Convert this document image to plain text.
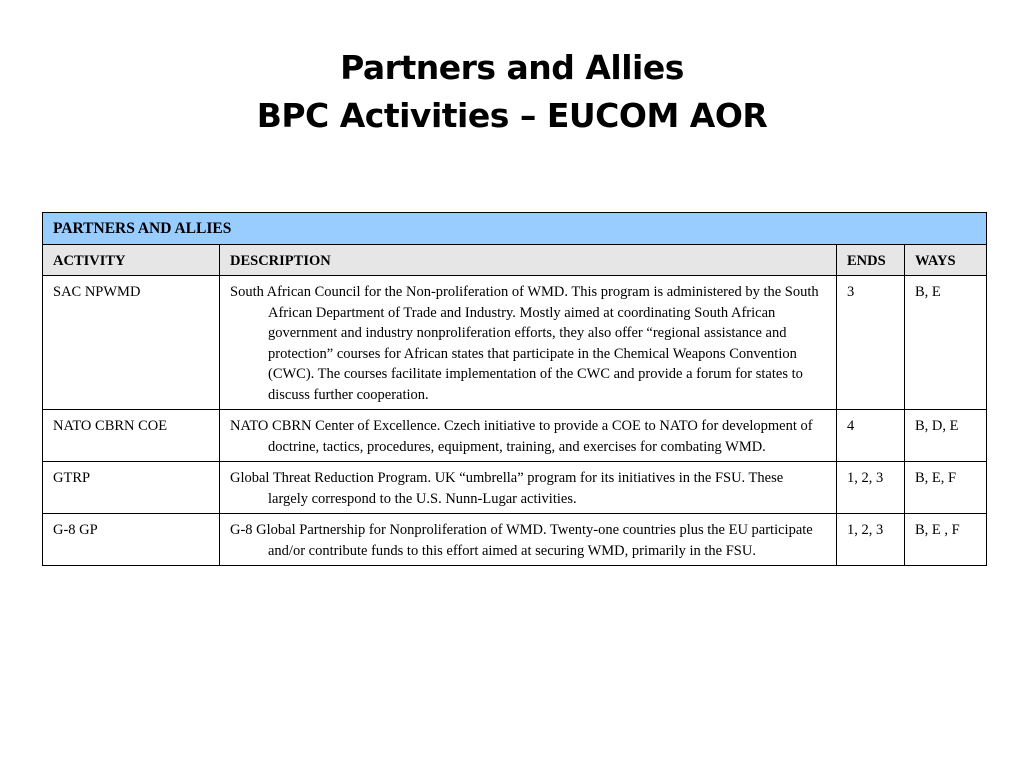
Partners and Allies
BPC Activities – EUCOM AOR
PARTNERS AND ALLIES			
ACTIVITY	DESCRIPTION	ENDS	WAYS
SAC NPWMD	South African Council for the Non-proliferation of WMD. This program is administered by the South African Department of Trade and Industry. Mostly aimed at coordinating South African government and industry nonproliferation efforts, they also offer “regional assistance and protection” courses for African states that participate in the Chemical Weapons Convention (CWC). The courses facilitate implementation of the CWC and provide a forum for states to discuss further cooperation.	3	B, E
NATO CBRN COE	NATO CBRN Center of Excellence. Czech initiative to provide a COE to NATO for development of doctrine, tactics, procedures, equipment, training, and exercises for combating WMD.	4	B, D, E
GTRP	Global Threat Reduction Program. UK “umbrella” program for its initiatives in the FSU. These largely correspond to the U.S. Nunn-Lugar activities.	1, 2, 3	B, E, F
G-8 GP	G-8 Global Partnership for Nonproliferation of WMD. Twenty-one countries plus the EU participate and/or contribute funds to this effort aimed at securing WMD, primarily in the FSU.	1, 2, 3	B, E , F
